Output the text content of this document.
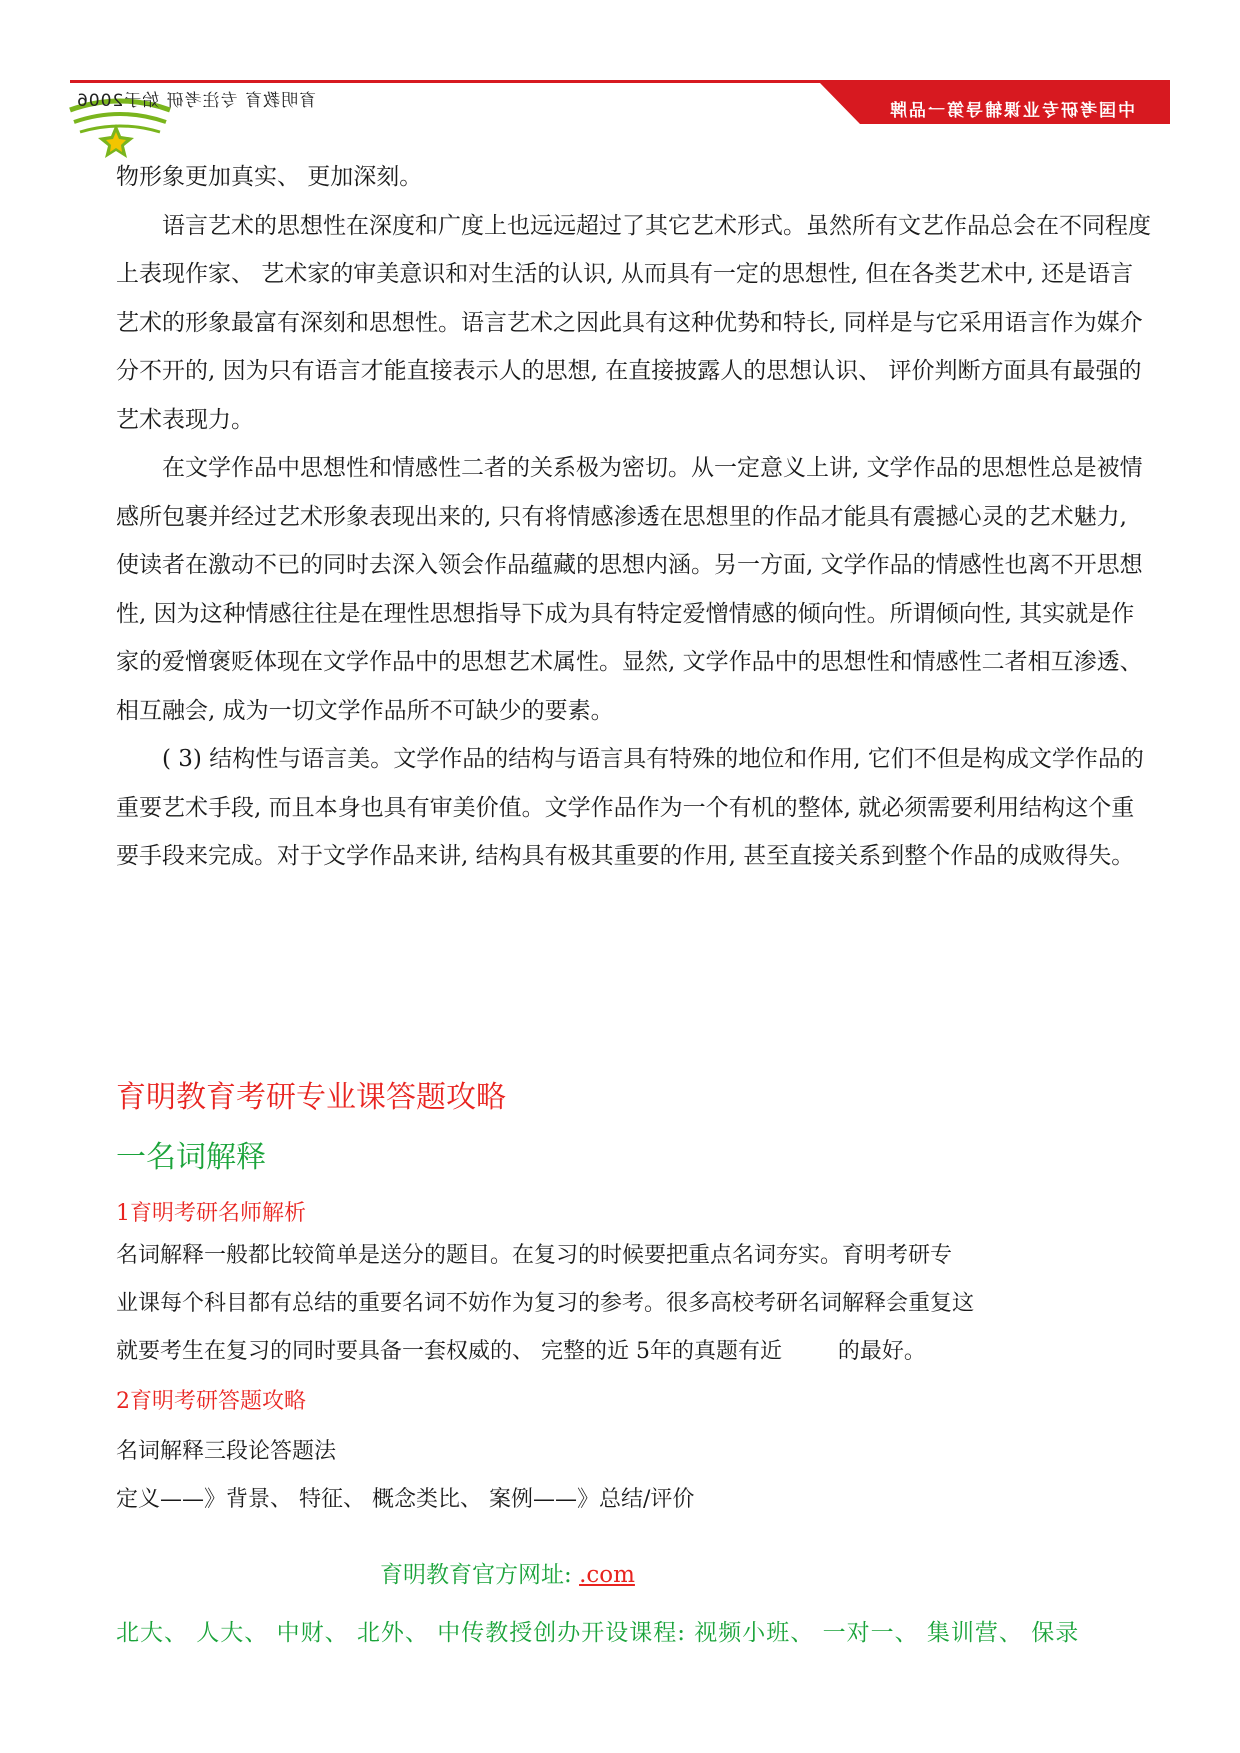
育明教育 专注考研 始于2006	中国考研专业课辅导第一品牌

物形象更加真实、 更加深刻。

语言艺术的思想性在深度和广度上也远远超过了其它艺术形式。虽然所有文艺作品总会在不同程度上表现作家、 艺术家的审美意识和对生活的认识, 从而具有一定的思想性, 但在各类艺术中, 还是语言艺术的形象最富有深刻和思想性。语言艺术之因此具有这种优势和特长, 同样是与它采用语言作为媒介分不开的, 因为只有语言才能直接表示人的思想, 在直接披露人的思想认识、 评价判断方面具有最强的艺术表现力。

在文学作品中思想性和情感性二者的关系极为密切。从一定意义上讲, 文学作品的思想性总是被情感所包裹并经过艺术形象表现出来的, 只有将情感渗透在思想里的作品才能具有震撼心灵的艺术魅力, 使读者在激动不已的同时去深入领会作品蕴藏的思想内涵。另一方面, 文学作品的情感性也离不开思想性, 因为这种情感往往是在理性思想指导下成为具有特定爱憎情感的倾向性。所谓倾向性, 其实就是作家的爱憎褒贬体现在文学作品中的思想艺术属性。显然, 文学作品中的思想性和情感性二者相互渗透、 相互融会, 成为一切文学作品所不可缺少的要素。

( 3) 结构性与语言美。文学作品的结构与语言具有特殊的地位和作用, 它们不但是构成文学作品的重要艺术手段, 而且本身也具有审美价值。文学作品作为一个有机的整体, 就必须需要利用结构这个重要手段来完成。对于文学作品来讲, 结构具有极其重要的作用, 甚至直接关系到整个作品的成败得失。

育明教育考研专业课答题攻略
一名词解释
1育明考研名师解析
名词解释一般都比较简单是送分的题目。在复习的时候要把重点名词夯实。育明考研专
业课每个科目都有总结的重要名词不妨作为复习的参考。很多高校考研名词解释会重复这
就要考生在复习的同时要具备一套权威的、 完整的近 5年的真题有近        的最好。
2育明考研答题攻略
名词解释三段论答题法
定义——》背景、 特征、 概念类比、 案例——》总结/评价
育明教育官方网址: .com
北大、 人大、 中财、 北外、 中传教授创办开设课程: 视频小班、 一对一、 集训营、 保录
